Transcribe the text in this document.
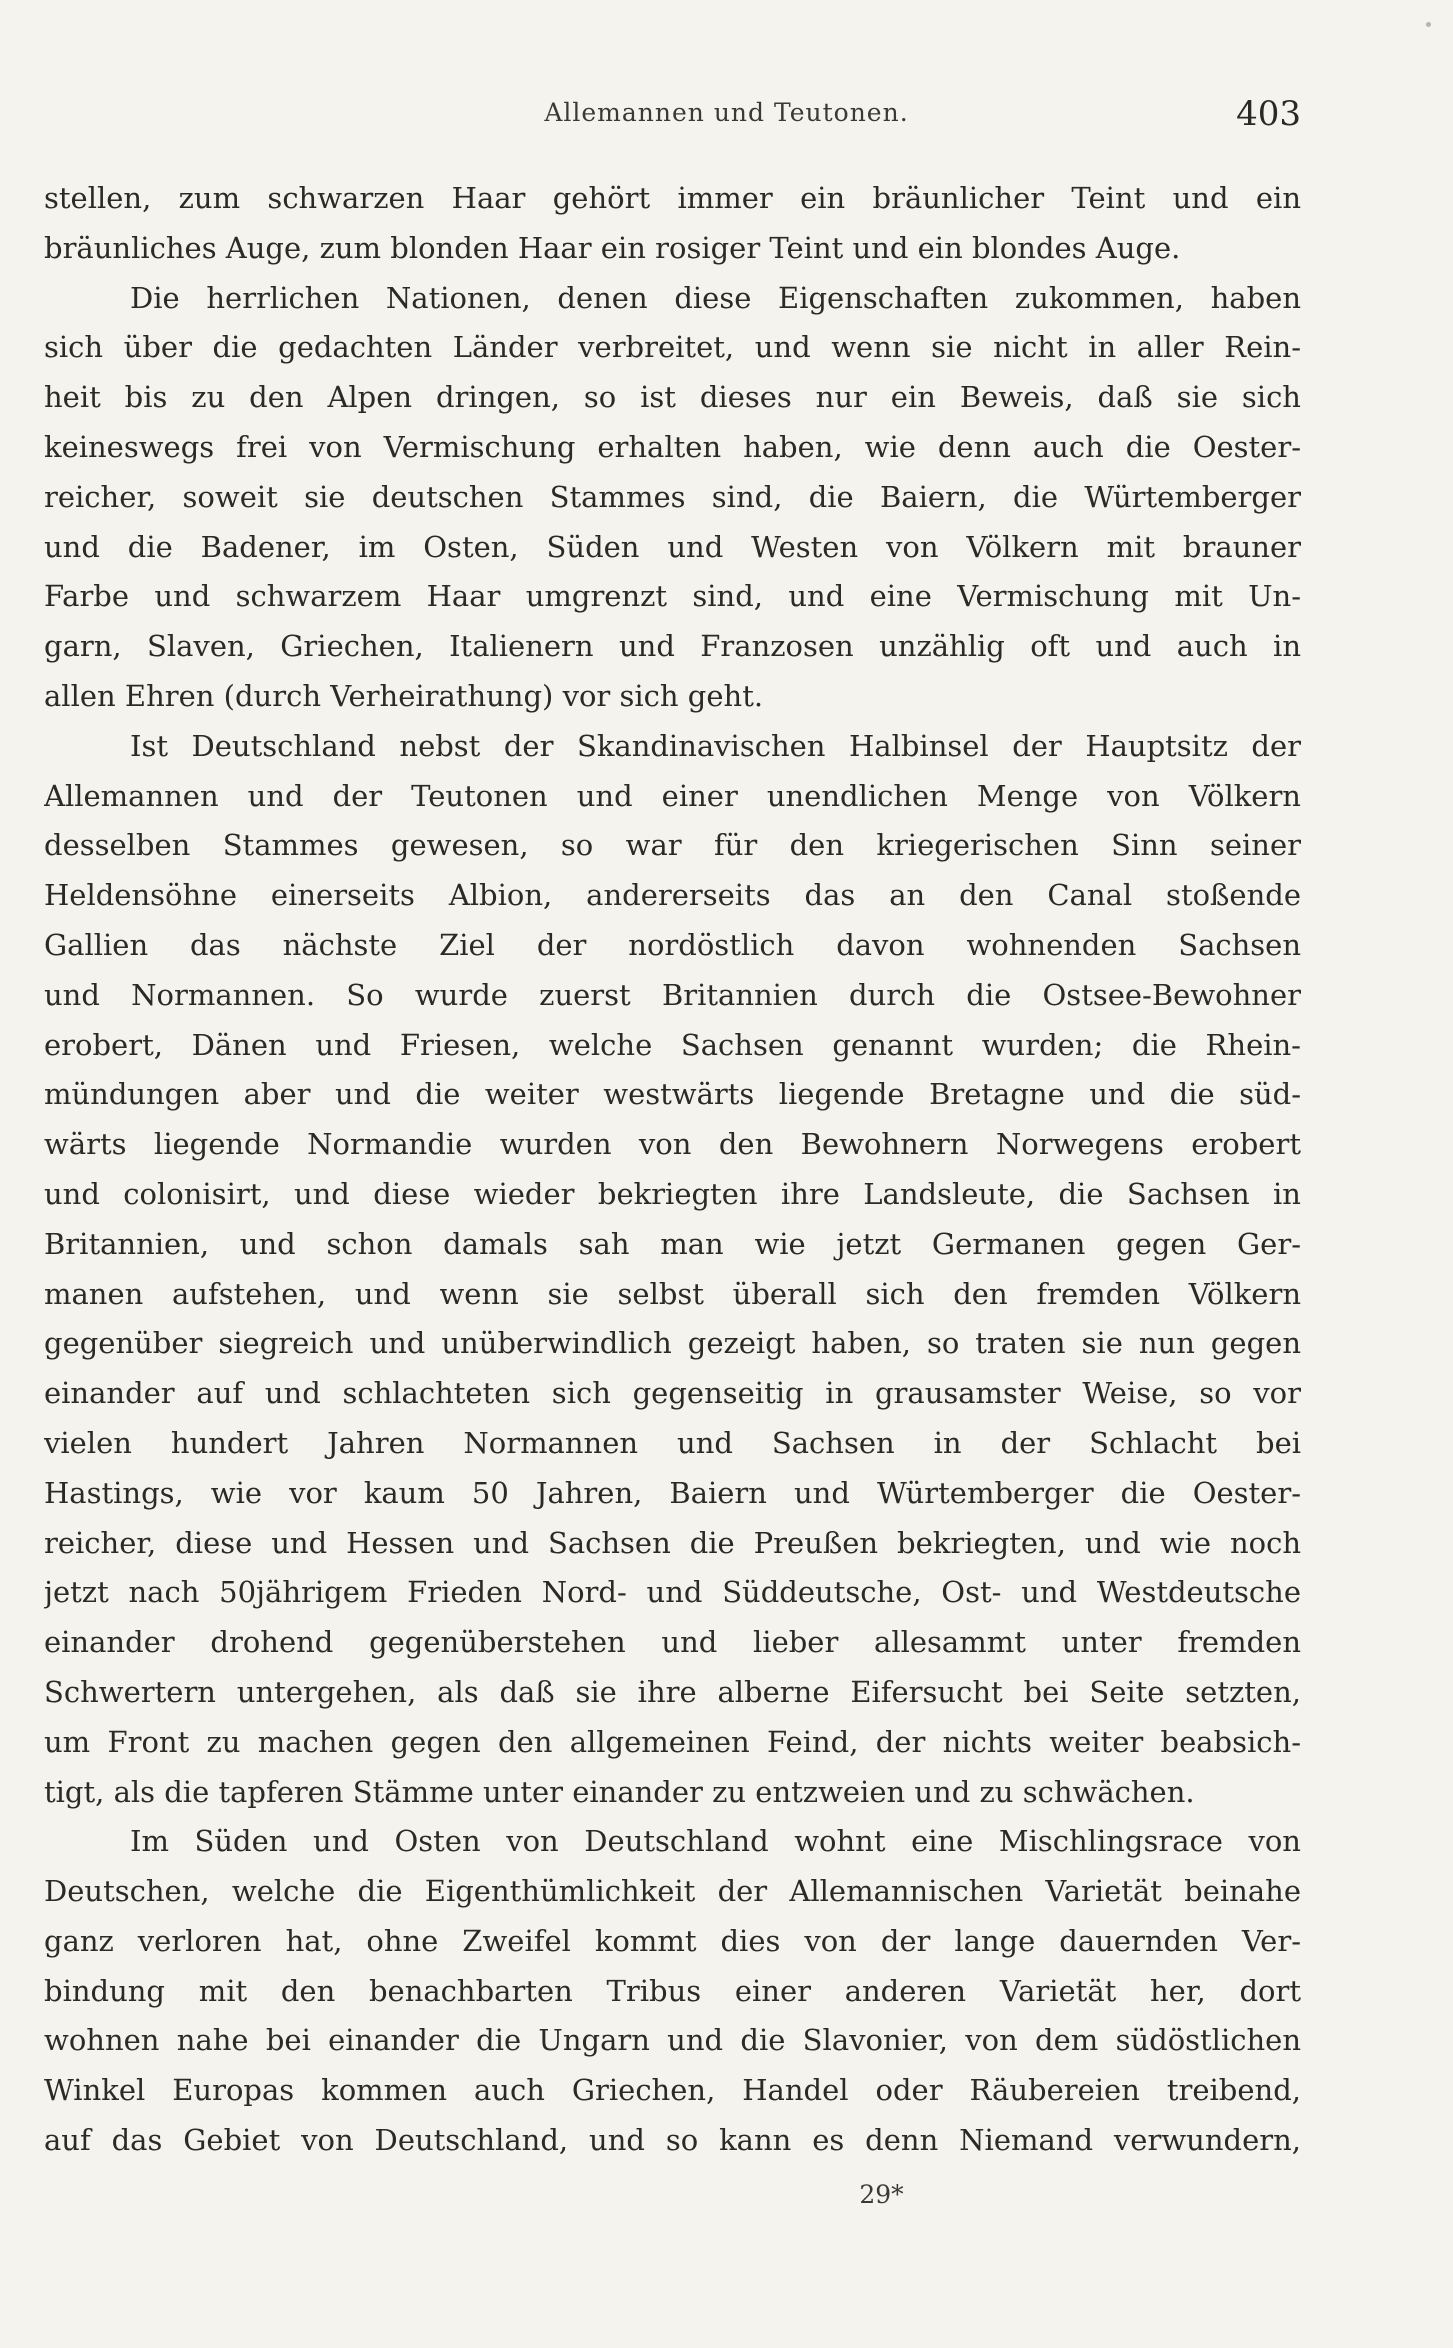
Allemannen und Teutonen.	403
stellen, zum schwarzen Haar gehört immer ein bräunlicher Teint und ein
bräunliches Auge, zum blonden Haar ein rosiger Teint und ein blondes Auge.
Die herrlichen Nationen, denen diese Eigenschaften zukommen, haben
sich über die gedachten Länder verbreitet, und wenn sie nicht in aller Rein-
heit bis zu den Alpen dringen, so ist dieses nur ein Beweis, daß sie sich
keineswegs frei von Vermischung erhalten haben, wie denn auch die Oester-
reicher, soweit sie deutschen Stammes sind, die Baiern, die Würtemberger
und die Badener, im Osten, Süden und Westen von Völkern mit brauner
Farbe und schwarzem Haar umgrenzt sind, und eine Vermischung mit Un-
garn, Slaven, Griechen, Italienern und Franzosen unzählig oft und auch in
allen Ehren (durch Verheirathung) vor sich geht.
Ist Deutschland nebst der Skandinavischen Halbinsel der Hauptsitz der
Allemannen und der Teutonen und einer unendlichen Menge von Völkern
desselben Stammes gewesen, so war für den kriegerischen Sinn seiner
Heldensöhne einerseits Albion, andererseits das an den Canal stoßende
Gallien das nächste Ziel der nordöstlich davon wohnenden Sachsen
und Normannen. So wurde zuerst Britannien durch die Ostsee-Bewohner
erobert, Dänen und Friesen, welche Sachsen genannt wurden; die Rhein-
mündungen aber und die weiter westwärts liegende Bretagne und die süd-
wärts liegende Normandie wurden von den Bewohnern Norwegens erobert
und colonisirt, und diese wieder bekriegten ihre Landsleute, die Sachsen in
Britannien, und schon damals sah man wie jetzt Germanen gegen Ger-
manen aufstehen, und wenn sie selbst überall sich den fremden Völkern
gegenüber siegreich und unüberwindlich gezeigt haben, so traten sie nun gegen
einander auf und schlachteten sich gegenseitig in grausamster Weise, so vor
vielen hundert Jahren Normannen und Sachsen in der Schlacht bei
Hastings, wie vor kaum 50 Jahren, Baiern und Würtemberger die Oester-
reicher, diese und Hessen und Sachsen die Preußen bekriegten, und wie noch
jetzt nach 50jährigem Frieden Nord- und Süddeutsche, Ost- und Westdeutsche
einander drohend gegenüberstehen und lieber allesammt unter fremden
Schwertern untergehen, als daß sie ihre alberne Eifersucht bei Seite setzten,
um Front zu machen gegen den allgemeinen Feind, der nichts weiter beabsich-
tigt, als die tapferen Stämme unter einander zu entzweien und zu schwächen.
Im Süden und Osten von Deutschland wohnt eine Mischlingsrace von
Deutschen, welche die Eigenthümlichkeit der Allemannischen Varietät beinahe
ganz verloren hat, ohne Zweifel kommt dies von der lange dauernden Ver-
bindung mit den benachbarten Tribus einer anderen Varietät her, dort
wohnen nahe bei einander die Ungarn und die Slavonier, von dem südöstlichen
Winkel Europas kommen auch Griechen, Handel oder Räubereien treibend,
auf das Gebiet von Deutschland, und so kann es denn Niemand verwundern,
29*
